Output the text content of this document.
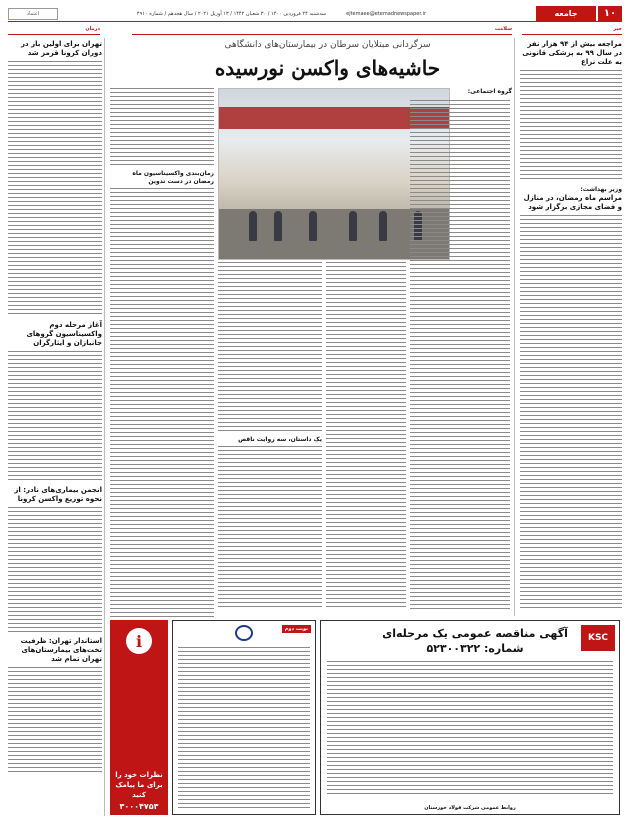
۱۰
جامعه
ejtemaee@etemadnewspaper.ir
سه‌شنبه ۲۴ فروردین ۱۴۰۰ / ۳۰ شعبان ۱۴۴۲ / ۱۳ آوریل ۲۰۲۱ / سال هجدهم / شماره ۴۹۱۰
اعتماد
خبر
سلامت
درمان
مراجعه بیش از ۹۴ هزار نفر در سال ۹۹ به پزشکی قانونی به علت نزاع
وزیر بهداشت:
مراسم ماه رمضان، در منازل و فضای مجازی برگزار شود
سرگردانی مبتلایان سرطان در بیمارستان‌های دانشگاهی
حاشیه‌های واکسن نورسیده
گروه اجتماعی:
یک داستان، سه روایت ناقص
زمان‌بندی واکسیناسیون ماه رمضان در دست تدوین
تهران برای اولین بار در دوران کرونا قرمز شد
آغاز مرحله دوم واکسیناسیون گروهای جانبازان و ایثارگران
انجمن بیماری‌های نادر: از نحوه توزیع واکسن کرونا
استاندار تهران: ظرفیت تخت‌های بیمارستان‌های تهران تمام شد
KSC
آگهی مناقصه عمومی یک مرحله‌ای
شماره: ۵۲۳۰۰۳۲۲
روابط عمومی شرکت فولاد خوزستان
نوبت دوم
i
نظرات خود را برای ما پیامک کنید
۳۰۰۰۴۷۵۳
